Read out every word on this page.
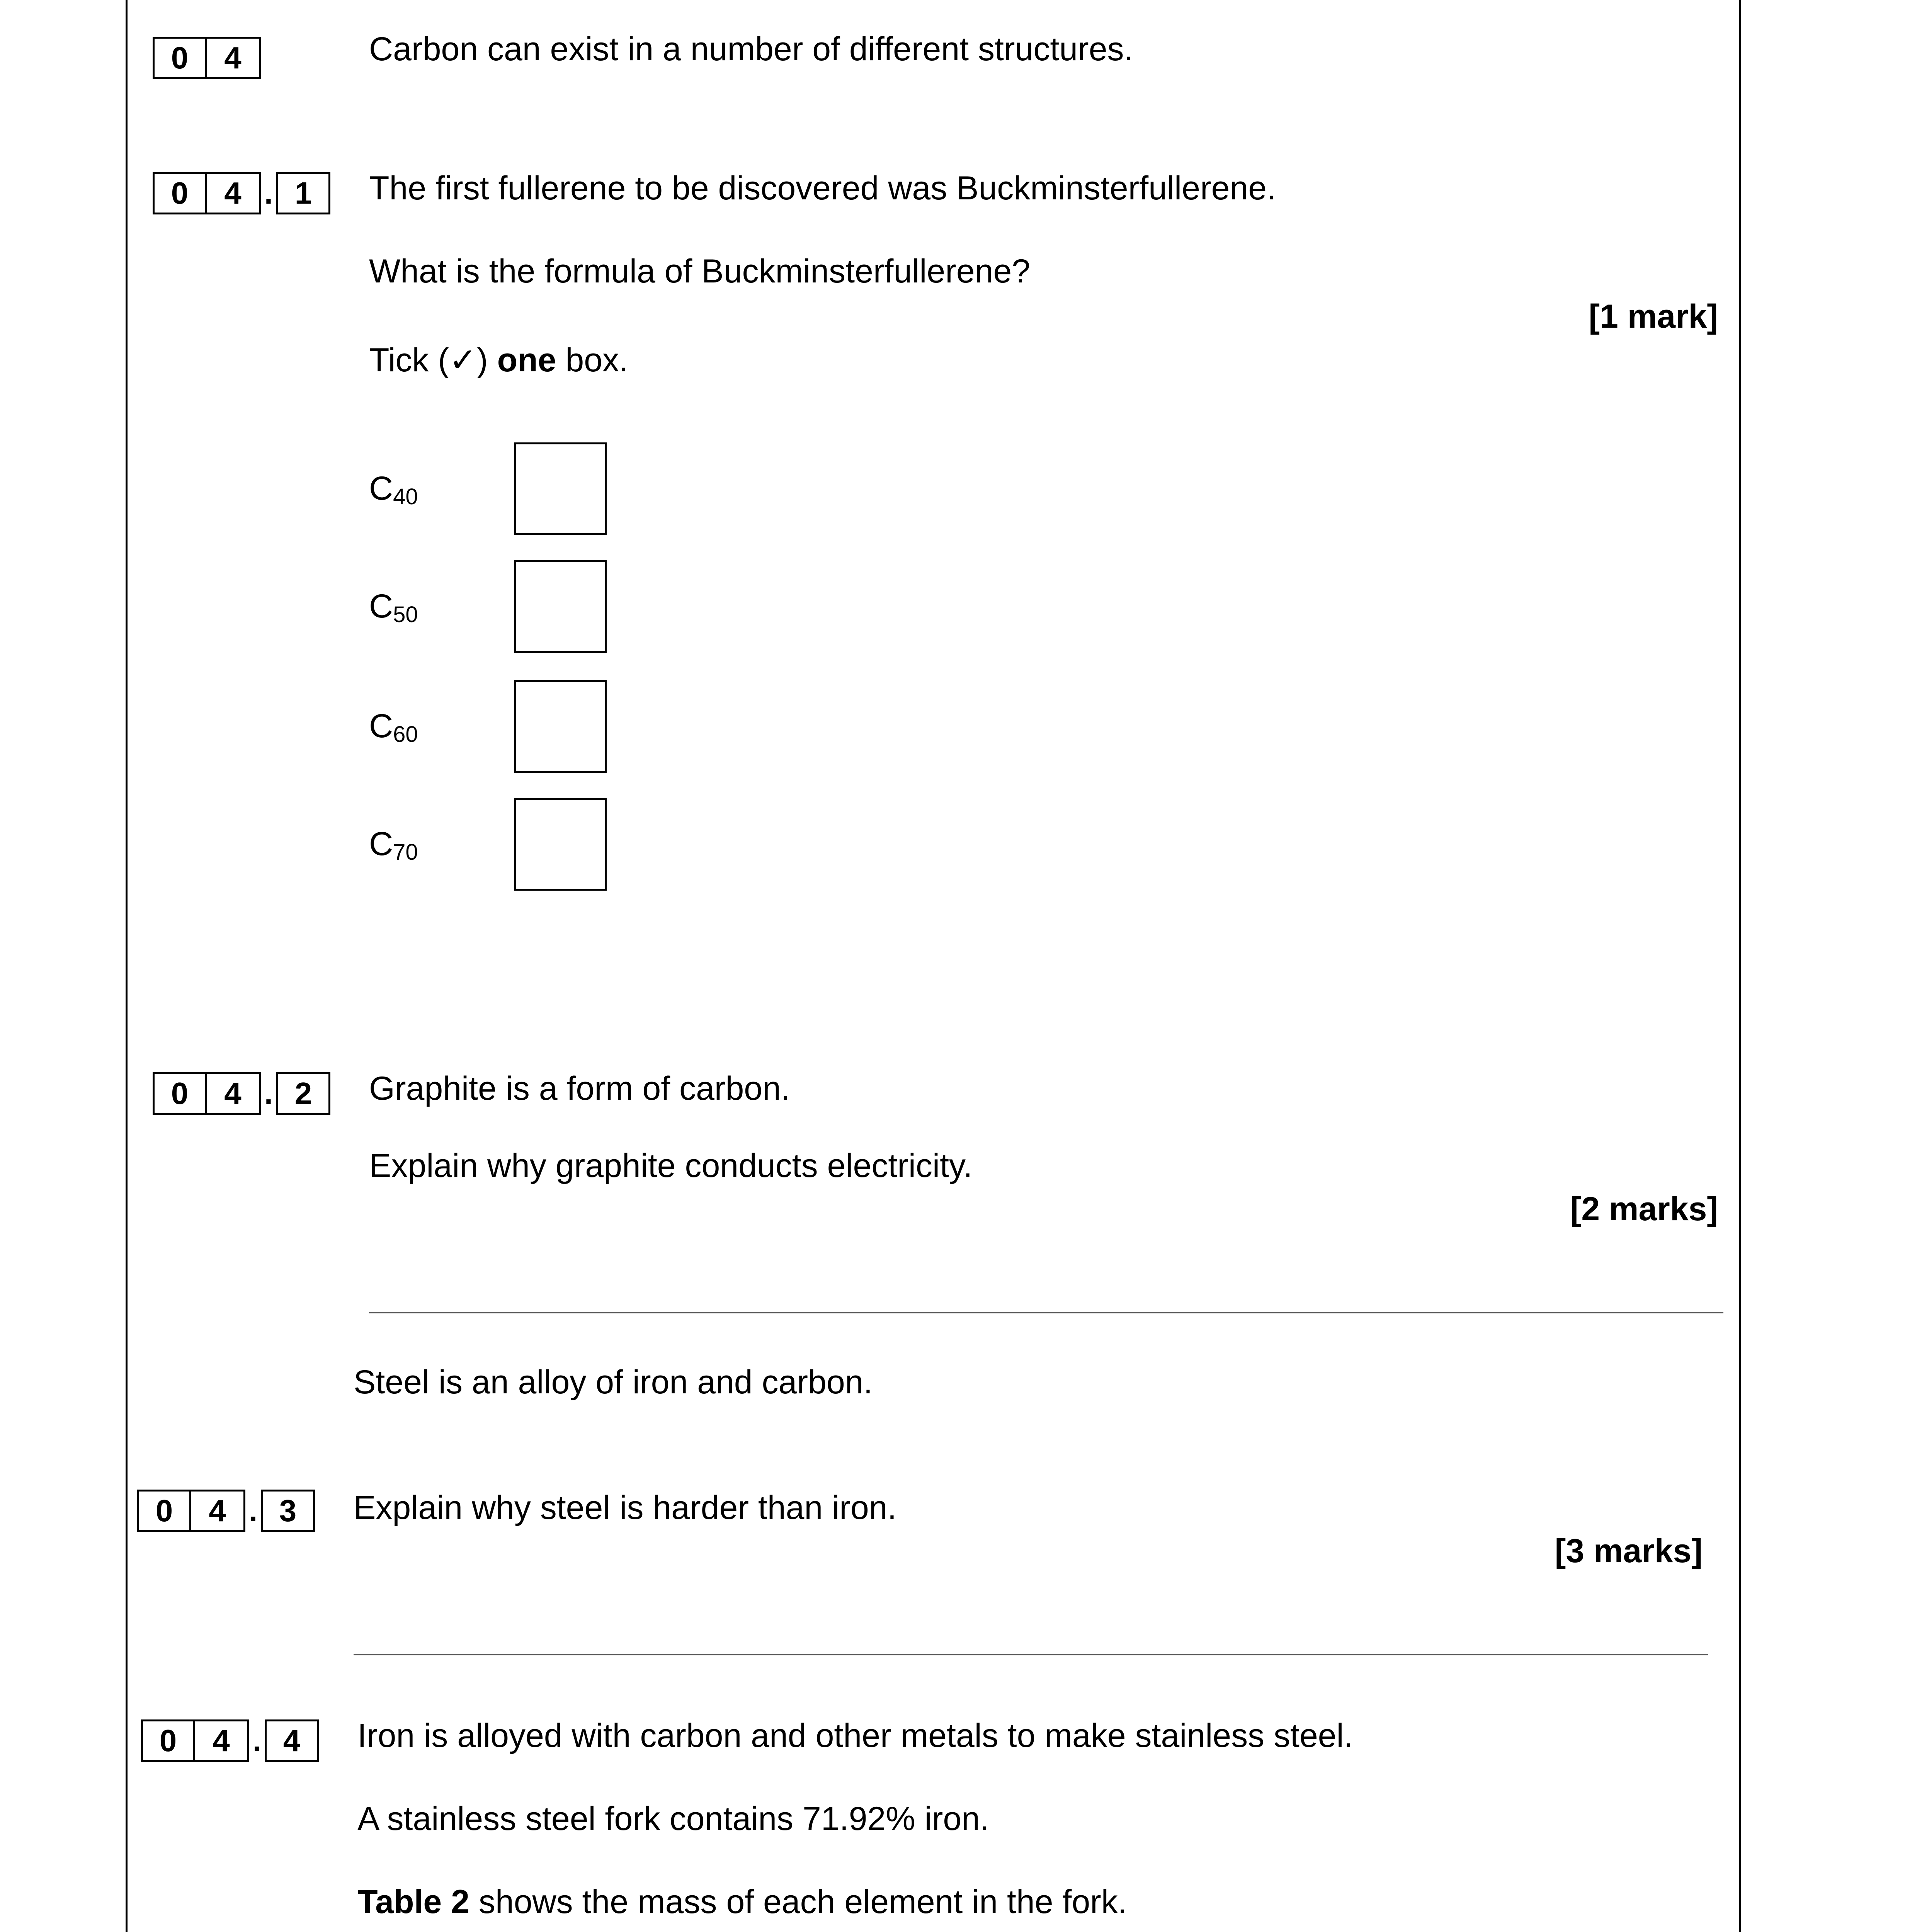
0	4	Carbon can exist in a number of different structures.
0	4 . 1	The first fullerene to be discovered was Buckminsterfullerene.
What is the formula of Buckminsterfullerene?
[1 mark]
Tick (✓) one box.
$C_{40}$
$C_{50}$
$C_{60}$
$C_{70}$
0	4 . 2	Graphite is a form of carbon.
Explain why graphite conducts electricity.
[2 marks]
Steel is an alloy of iron and carbon.
0	4 . 3	Explain why steel is harder than iron.
[3 marks]
0	4 . 4	Iron is alloyed with carbon and other metals to make stainless steel.
A stainless steel fork contains 71.92% iron.
Table 2 shows the mass of each element in the fork.
